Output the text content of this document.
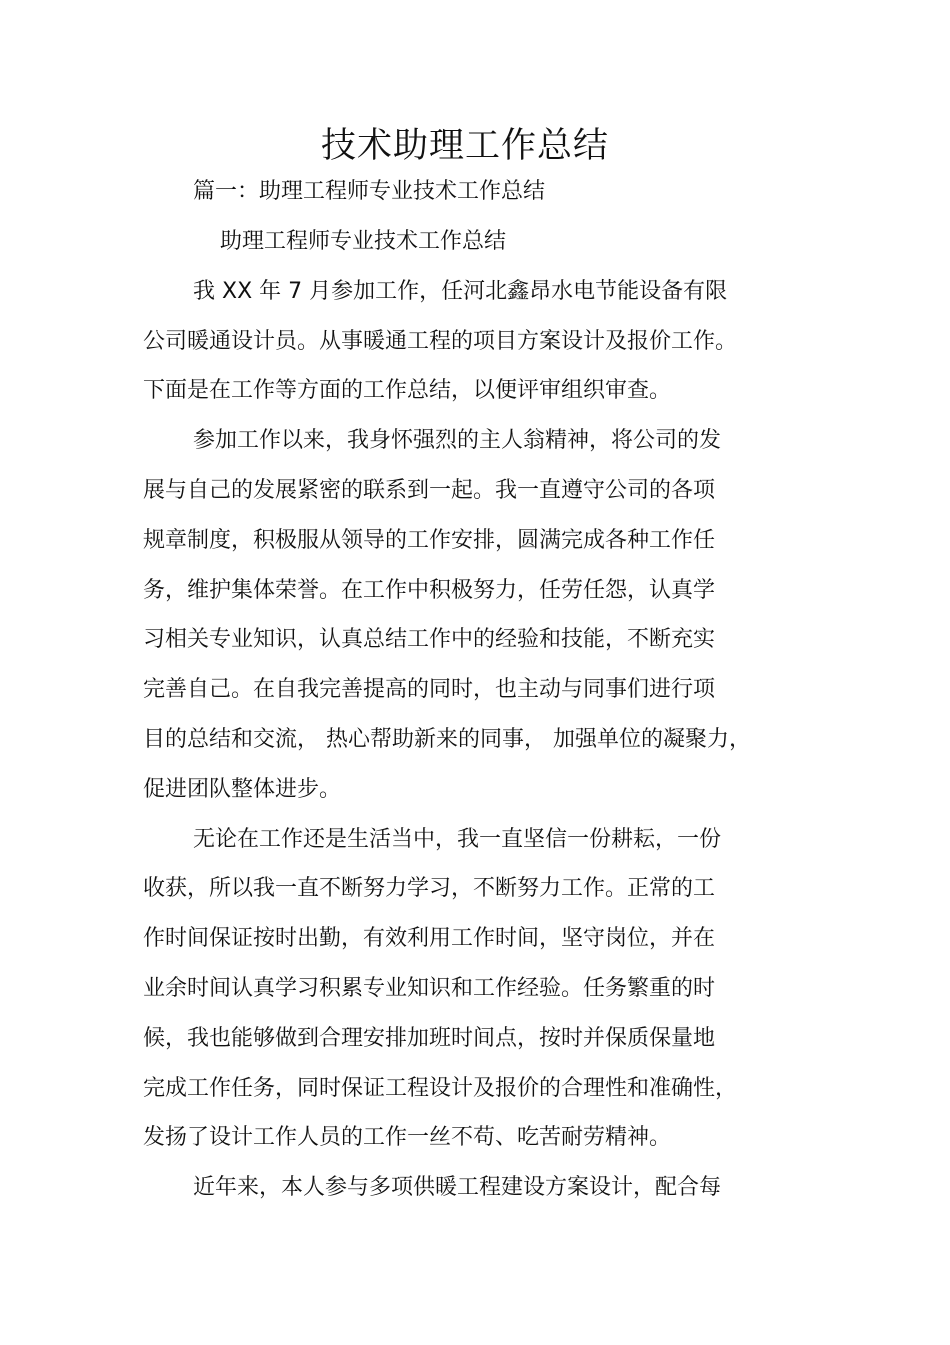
技术助理工作总结
篇一：助理工程师专业技术工作总结
助理工程师专业技术工作总结
我 XX 年 7 月参加工作，任河北鑫昂水电节能设备有限
公司暖通设计员。从事暖通工程的项目方案设计及报价工作。
下面是在工作等方面的工作总结，以便评审组织审查。
参加工作以来，我身怀强烈的主人翁精神，将公司的发
展与自己的发展紧密的联系到一起。我一直遵守公司的各项
规章制度，积极服从领导的工作安排，圆满完成各种工作任
务，维护集体荣誉。在工作中积极努力，任劳任怨，认真学
习相关专业知识，认真总结工作中的经验和技能，不断充实
完善自己。在自我完善提高的同时，也主动与同事们进行项
目的总结和交流， 热心帮助新来的同事， 加强单位的凝聚力，
促进团队整体进步。
无论在工作还是生活当中，我一直坚信一份耕耘，一份
收获，所以我一直不断努力学习，不断努力工作。正常的工
作时间保证按时出勤，有效利用工作时间，坚守岗位，并在
业余时间认真学习积累专业知识和工作经验。任务繁重的时
候，我也能够做到合理安排加班时间点，按时并保质保量地
完成工作任务，同时保证工程设计及报价的合理性和准确性，
发扬了设计工作人员的工作一丝不苟、吃苦耐劳精神。
近年来，本人参与多项供暖工程建设方案设计，配合每
